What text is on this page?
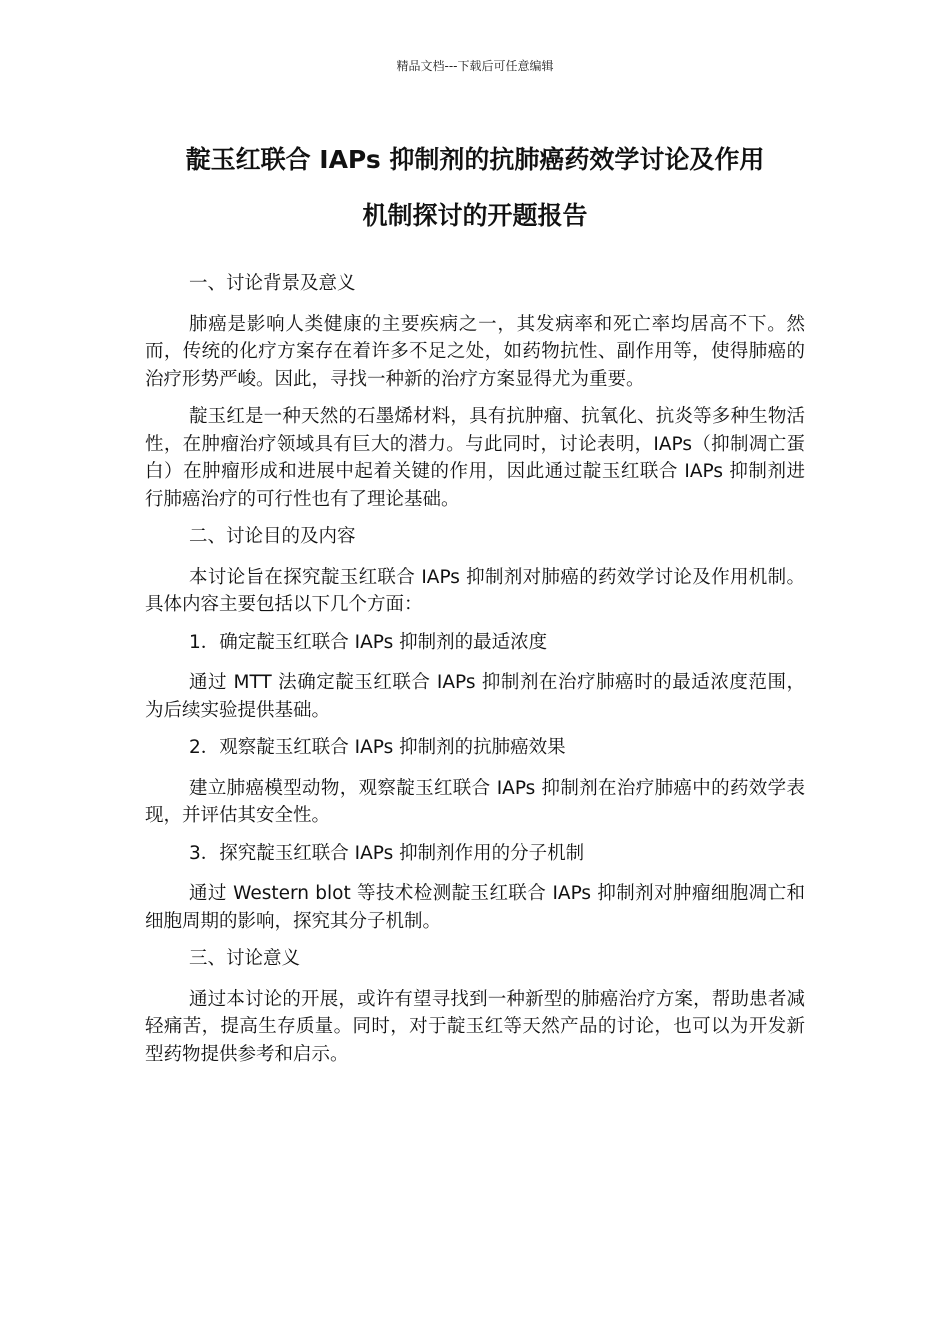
精品文档---下载后可任意编辑
靛玉红联合 IAPs 抑制剂的抗肺癌药效学讨论及作用
机制探讨的开题报告

一、讨论背景及意义

肺癌是影响人类健康的主要疾病之一，其发病率和死亡率均居高不下。然而，传统的化疗方案存在着许多不足之处，如药物抗性、副作用等，使得肺癌的治疗形势严峻。因此，寻找一种新的治疗方案显得尤为重要。

靛玉红是一种天然的石墨烯材料，具有抗肿瘤、抗氧化、抗炎等多种生物活性，在肿瘤治疗领域具有巨大的潜力。与此同时，讨论表明，IAPs（抑制凋亡蛋白）在肿瘤形成和进展中起着关键的作用，因此通过靛玉红联合 IAPs 抑制剂进行肺癌治疗的可行性也有了理论基础。

二、讨论目的及内容

本讨论旨在探究靛玉红联合 IAPs 抑制剂对肺癌的药效学讨论及作用机制。具体内容主要包括以下几个方面：

1．确定靛玉红联合 IAPs 抑制剂的最适浓度

通过 MTT 法确定靛玉红联合 IAPs 抑制剂在治疗肺癌时的最适浓度范围，为后续实验提供基础。

2．观察靛玉红联合 IAPs 抑制剂的抗肺癌效果

建立肺癌模型动物，观察靛玉红联合 IAPs 抑制剂在治疗肺癌中的药效学表现，并评估其安全性。

3．探究靛玉红联合 IAPs 抑制剂作用的分子机制

通过 Western blot 等技术检测靛玉红联合 IAPs 抑制剂对肿瘤细胞凋亡和细胞周期的影响，探究其分子机制。

三、讨论意义

通过本讨论的开展，或许有望寻找到一种新型的肺癌治疗方案，帮助患者减轻痛苦，提高生存质量。同时，对于靛玉红等天然产品的讨论，也可以为开发新型药物提供参考和启示。
